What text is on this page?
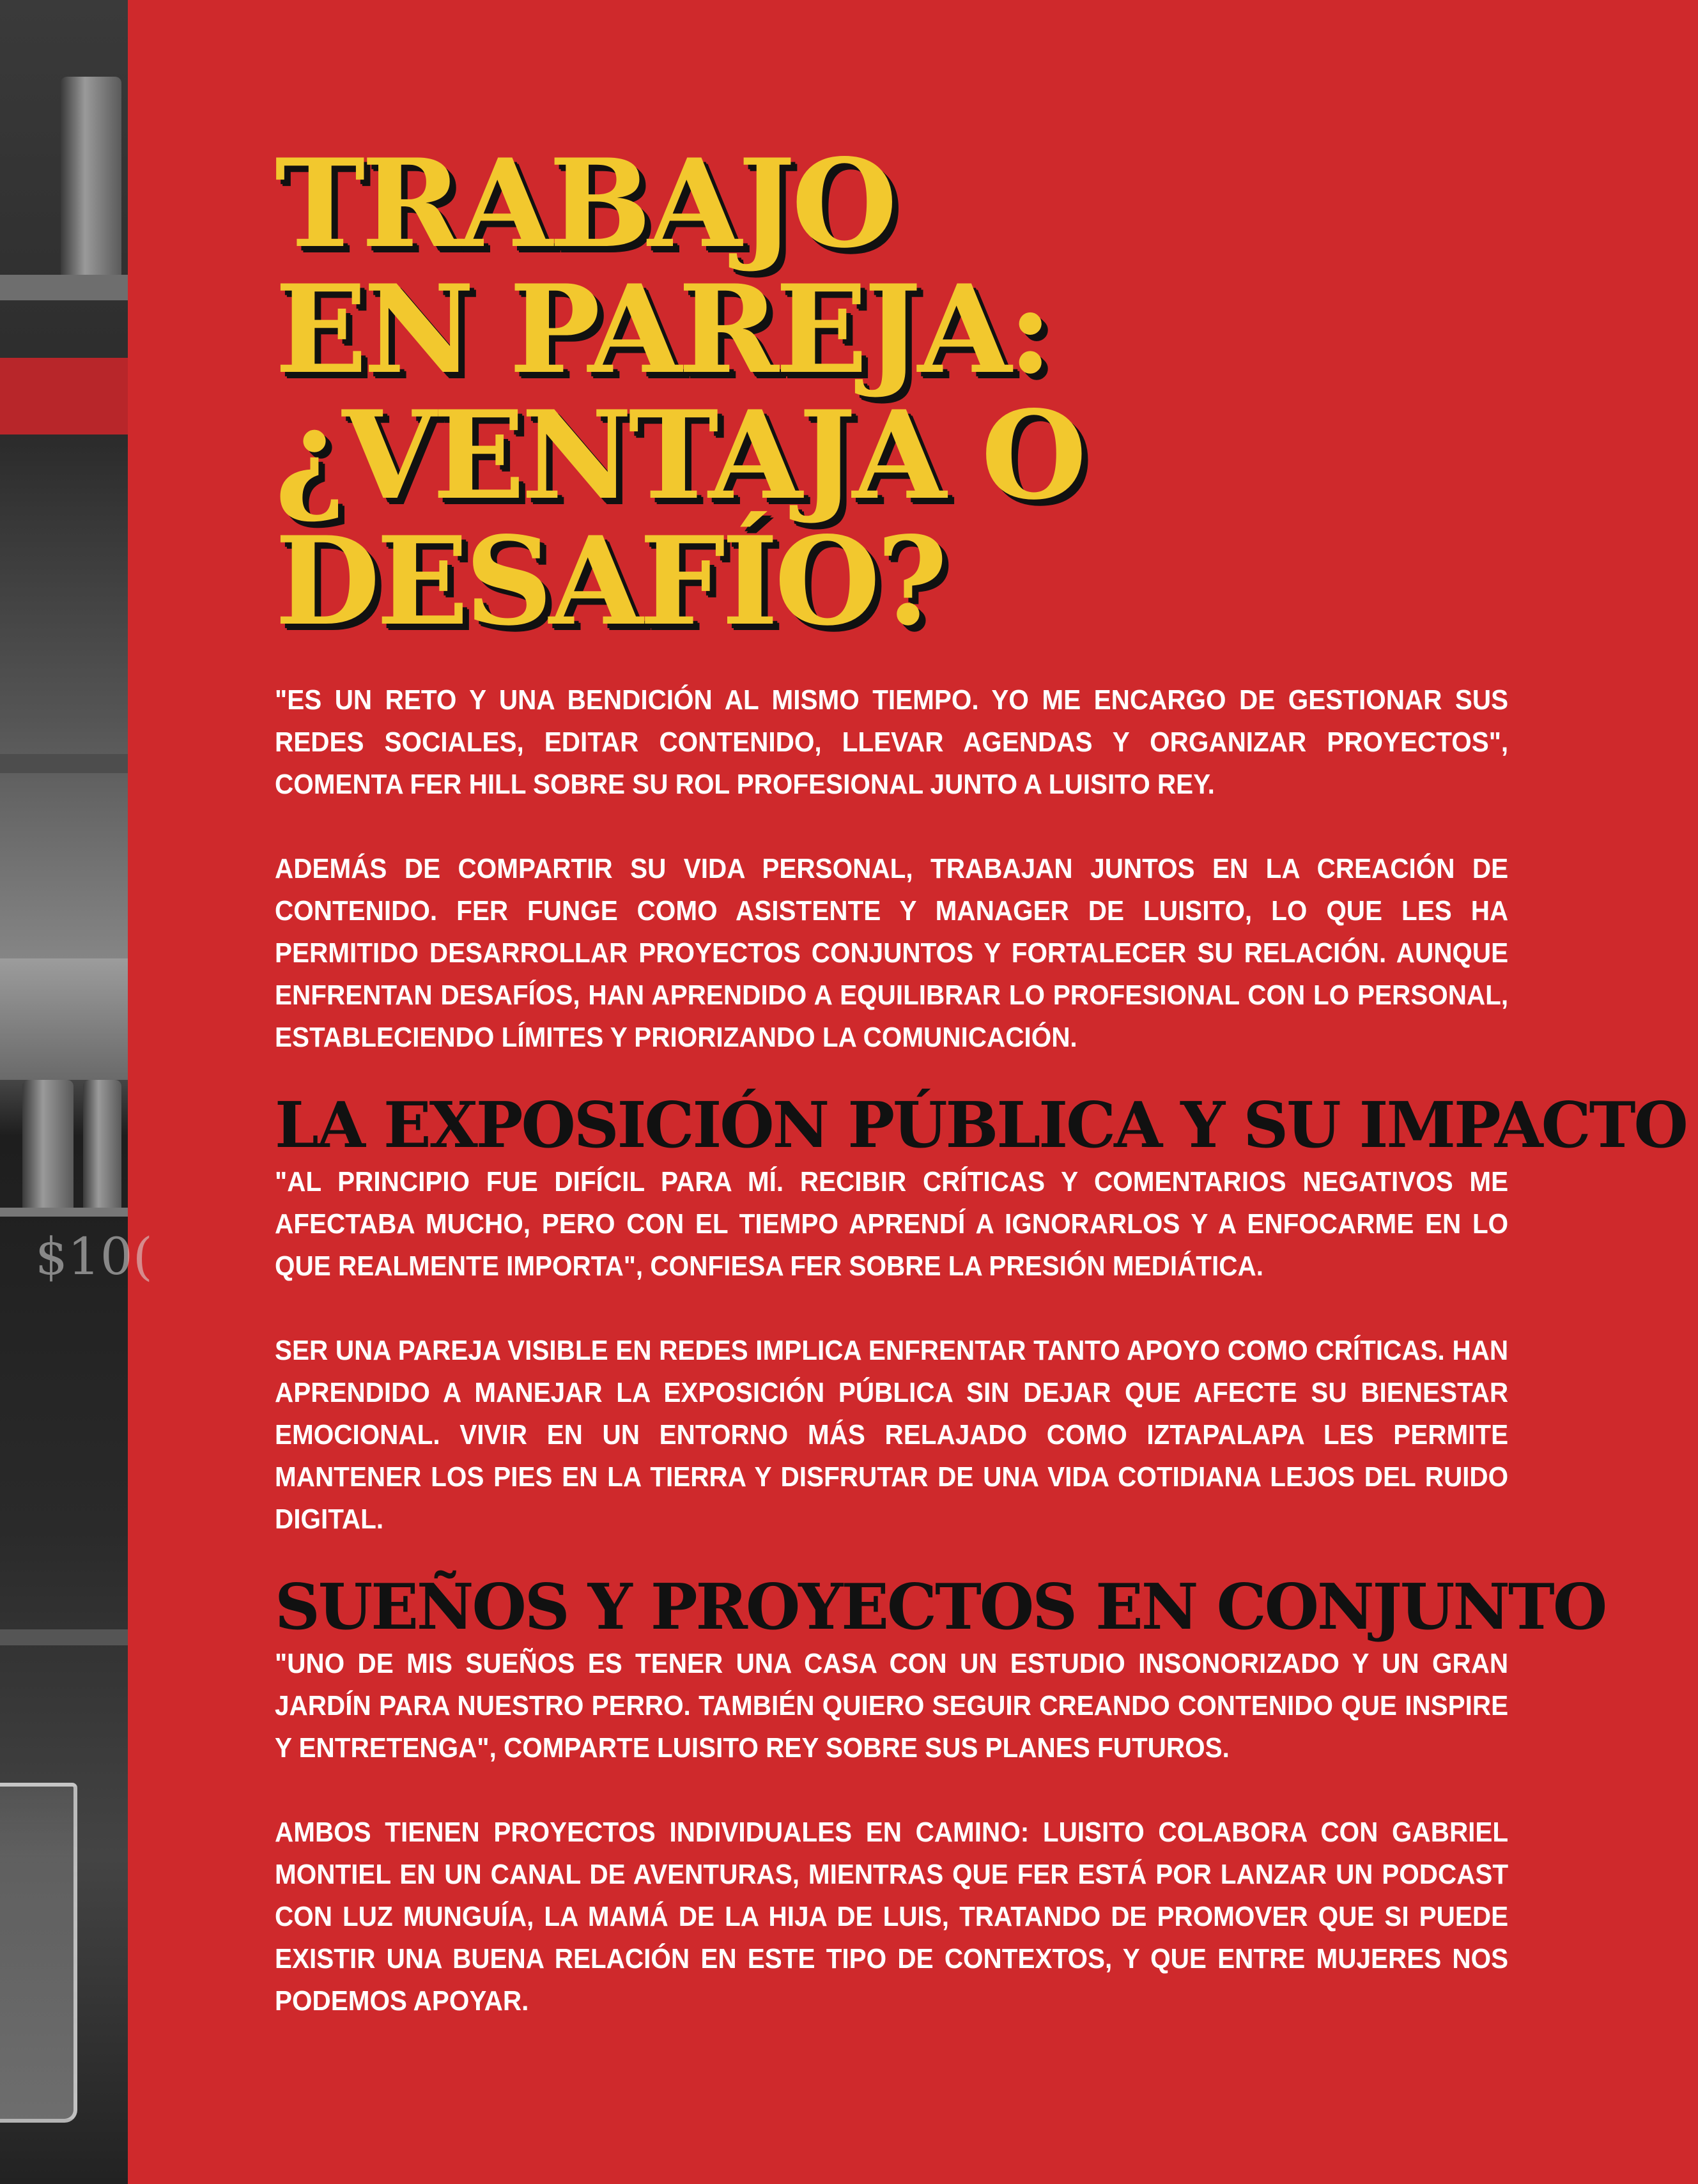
$10(
TRABAJO
EN PAREJA:
¿VENTAJA O
DESAFÍO?

"ES UN RETO Y UNA BENDICIÓN AL MISMO TIEMPO. YO ME ENCARGO DE GESTIONAR SUS REDES SOCIALES, EDITAR CONTENIDO, LLEVAR AGENDAS Y ORGANIZAR PROYECTOS", COMENTA FER HILL SOBRE SU ROL PROFESIONAL JUNTO A LUISITO REY.

ADEMÁS DE COMPARTIR SU VIDA PERSONAL, TRABAJAN JUNTOS EN LA CREACIÓN DE CONTENIDO. FER FUNGE COMO ASISTENTE Y MANAGER DE LUISITO, LO QUE LES HA PERMITIDO DESARROLLAR PROYECTOS CONJUNTOS Y FORTALECER SU RELACIÓN. AUNQUE ENFRENTAN DESAFÍOS, HAN APRENDIDO A EQUILIBRAR LO PROFESIONAL CON LO PERSONAL, ESTABLECIENDO LÍMITES Y PRIORIZANDO LA COMUNICACIÓN.

LA EXPOSICIÓN PÚBLICA Y SU IMPACTO

"AL PRINCIPIO FUE DIFÍCIL PARA MÍ. RECIBIR CRÍTICAS Y COMENTARIOS NEGATIVOS ME AFECTABA MUCHO, PERO CON EL TIEMPO APRENDÍ A IGNORARLOS Y A ENFOCARME EN LO QUE REALMENTE IMPORTA", CONFIESA FER SOBRE LA PRESIÓN MEDIÁTICA.

SER UNA PAREJA VISIBLE EN REDES IMPLICA ENFRENTAR TANTO APOYO COMO CRÍTICAS. HAN APRENDIDO A MANEJAR LA EXPOSICIÓN PÚBLICA SIN DEJAR QUE AFECTE SU BIENESTAR EMOCIONAL. VIVIR EN UN ENTORNO MÁS RELAJADO COMO IZTAPALAPA LES PERMITE MANTENER LOS PIES EN LA TIERRA Y DISFRUTAR DE UNA VIDA COTIDIANA LEJOS DEL RUIDO DIGITAL.

SUEÑOS Y PROYECTOS EN CONJUNTO

"UNO DE MIS SUEÑOS ES TENER UNA CASA CON UN ESTUDIO INSONORIZADO Y UN GRAN JARDÍN PARA NUESTRO PERRO. TAMBIÉN QUIERO SEGUIR CREANDO CONTENIDO QUE INSPIRE Y ENTRETENGA", COMPARTE LUISITO REY SOBRE SUS PLANES FUTUROS.

AMBOS TIENEN PROYECTOS INDIVIDUALES EN CAMINO: LUISITO COLABORA CON GABRIEL MONTIEL EN UN CANAL DE AVENTURAS, MIENTRAS QUE FER ESTÁ POR LANZAR UN PODCAST CON LUZ MUNGUÍA, LA MAMÁ DE LA HIJA DE LUIS, TRATANDO DE PROMOVER QUE SI PUEDE EXISTIR UNA BUENA RELACIÓN EN ESTE TIPO DE CONTEXTOS, Y QUE ENTRE MUJERES NOS PODEMOS APOYAR.
